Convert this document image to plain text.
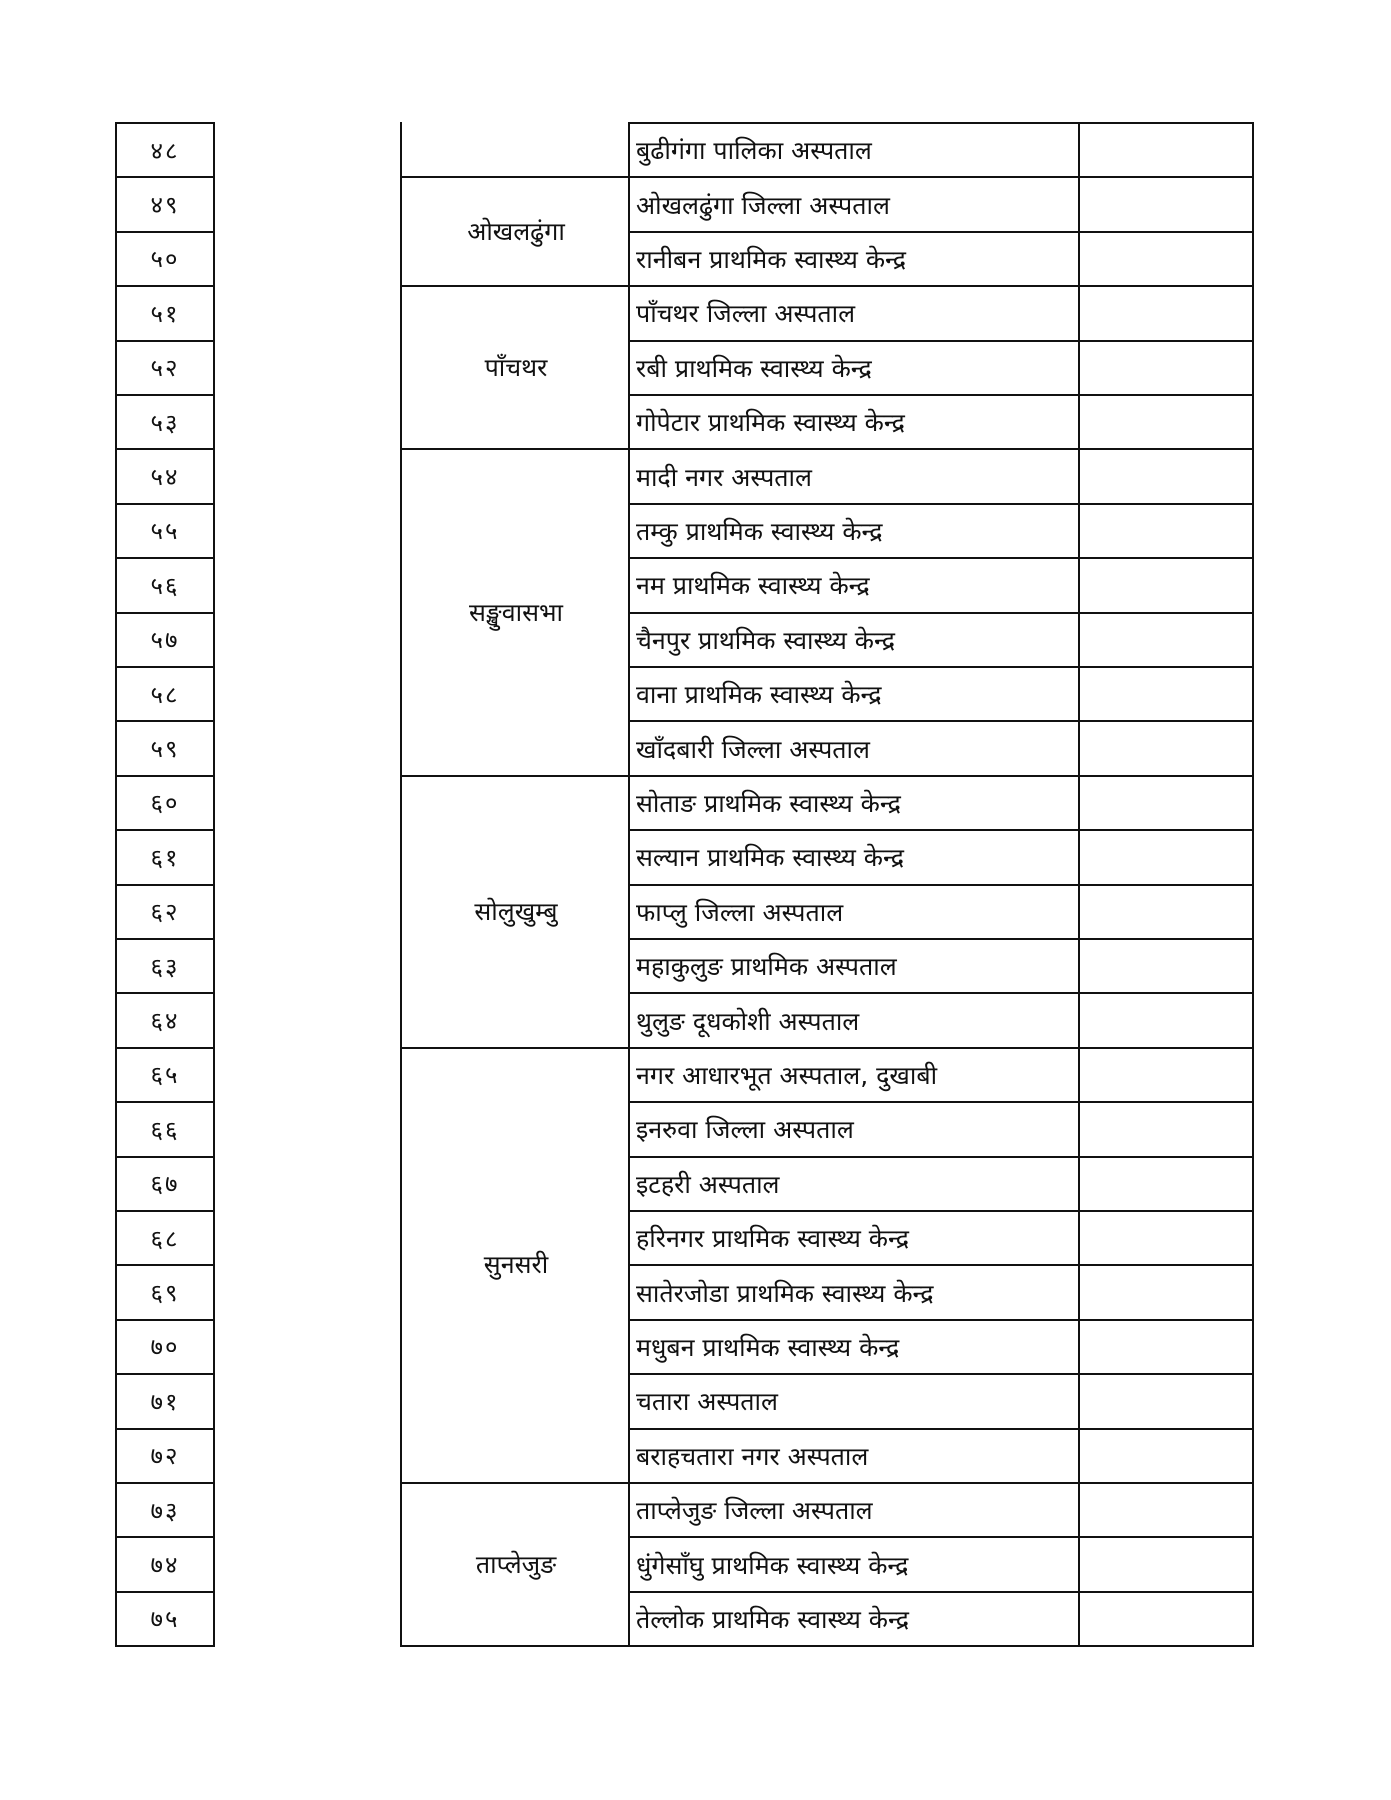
४८
४९
५०
५१
५२
५३
५४
५५
५६
५७
५८
५९
६०
६१
६२
६३
६४
६५
६६
६७
६८
६९
७०
७१
७२
७३
७४
७५
ओखलढुंगा
पाँचथर
सङ्खुवासभा
सोलुखुम्बु
सुनसरी
ताप्लेजुङ
बुढीगंगा पालिका अस्पताल
ओखलढुंगा जिल्ला अस्पताल
रानीबन प्राथमिक स्वास्थ्य केन्द्र
पाँचथर जिल्ला अस्पताल
रबी प्राथमिक स्वास्थ्य केन्द्र
गोपेटार प्राथमिक स्वास्थ्य केन्द्र
मादी नगर अस्पताल
तम्कु प्राथमिक स्वास्थ्य केन्द्र
नम प्राथमिक स्वास्थ्य केन्द्र
चैनपुर प्राथमिक स्वास्थ्य केन्द्र
वाना प्राथमिक स्वास्थ्य केन्द्र
खाँदबारी जिल्ला अस्पताल
सोताङ प्राथमिक स्वास्थ्य केन्द्र
सल्यान प्राथमिक स्वास्थ्य केन्द्र
फाप्लु जिल्ला अस्पताल
महाकुलुङ प्राथमिक अस्पताल
थुलुङ दूधकोशी अस्पताल
नगर आधारभूत अस्पताल, दुखाबी
इनरुवा जिल्ला अस्पताल
इटहरी अस्पताल
हरिनगर प्राथमिक स्वास्थ्य केन्द्र
सातेरजोडा प्राथमिक स्वास्थ्य केन्द्र
मधुबन प्राथमिक स्वास्थ्य केन्द्र
चतारा अस्पताल
बराहचतारा नगर अस्पताल
ताप्लेजुङ जिल्ला अस्पताल
धुंगेसाँघु प्राथमिक स्वास्थ्य केन्द्र
तेल्लोक प्राथमिक स्वास्थ्य केन्द्र
